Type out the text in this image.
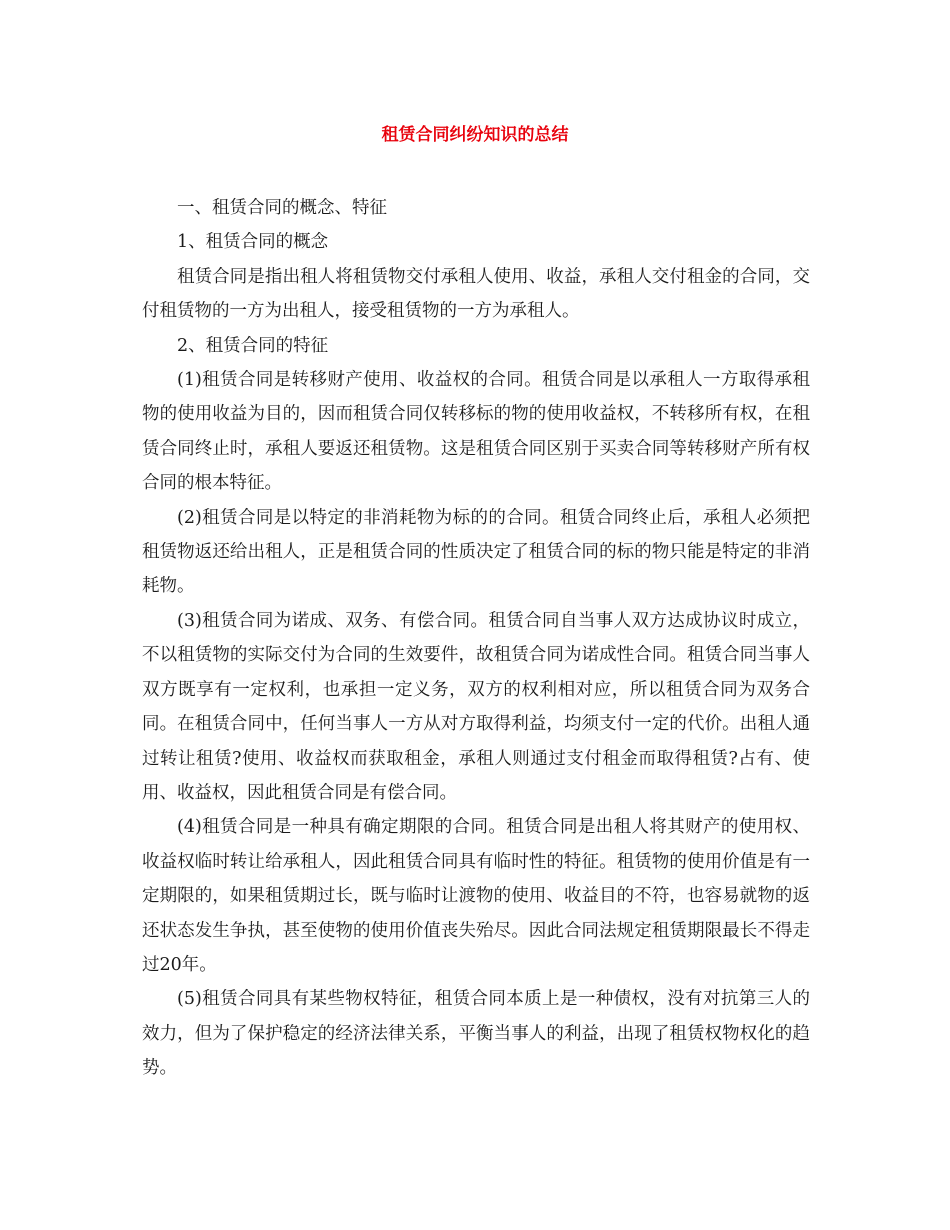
租赁合同纠纷知识的总结

一、租赁合同的概念、特征

1、租赁合同的概念

租赁合同是指出租人将租赁物交付承租人使用、收益，承租人交付租金的合同，交付租赁物的一方为出租人，接受租赁物的一方为承租人。

2、租赁合同的特征

(1)租赁合同是转移财产使用、收益权的合同。租赁合同是以承租人一方取得承租物的使用收益为目的，因而租赁合同仅转移标的物的使用收益权，不转移所有权，在租赁合同终止时，承租人要返还租赁物。这是租赁合同区别于买卖合同等转移财产所有权合同的根本特征。

(2)租赁合同是以特定的非消耗物为标的的合同。租赁合同终止后，承租人必须把租赁物返还给出租人，正是租赁合同的性质决定了租赁合同的标的物只能是特定的非消耗物。

(3)租赁合同为诺成、双务、有偿合同。租赁合同自当事人双方达成协议时成立，不以租赁物的实际交付为合同的生效要件，故租赁合同为诺成性合同。租赁合同当事人双方既享有一定权利，也承担一定义务，双方的权利相对应，所以租赁合同为双务合同。在租赁合同中，任何当事人一方从对方取得利益，均须支付一定的代价。出租人通过转让租赁?使用、收益权而获取租金，承租人则通过支付租金而取得租赁?占有、使用、收益权，因此租赁合同是有偿合同。

(4)租赁合同是一种具有确定期限的合同。租赁合同是出租人将其财产的使用权、收益权临时转让给承租人，因此租赁合同具有临时性的特征。租赁物的使用价值是有一定期限的，如果租赁期过长，既与临时让渡物的使用、收益目的不符，也容易就物的返还状态发生争执，甚至使物的使用价值丧失殆尽。因此合同法规定租赁期限最长不得走过20年。

(5)租赁合同具有某些物权特征，租赁合同本质上是一种债权，没有对抗第三人的效力，但为了保护稳定的经济法律关系，平衡当事人的利益，出现了租赁权物权化的趋势。
